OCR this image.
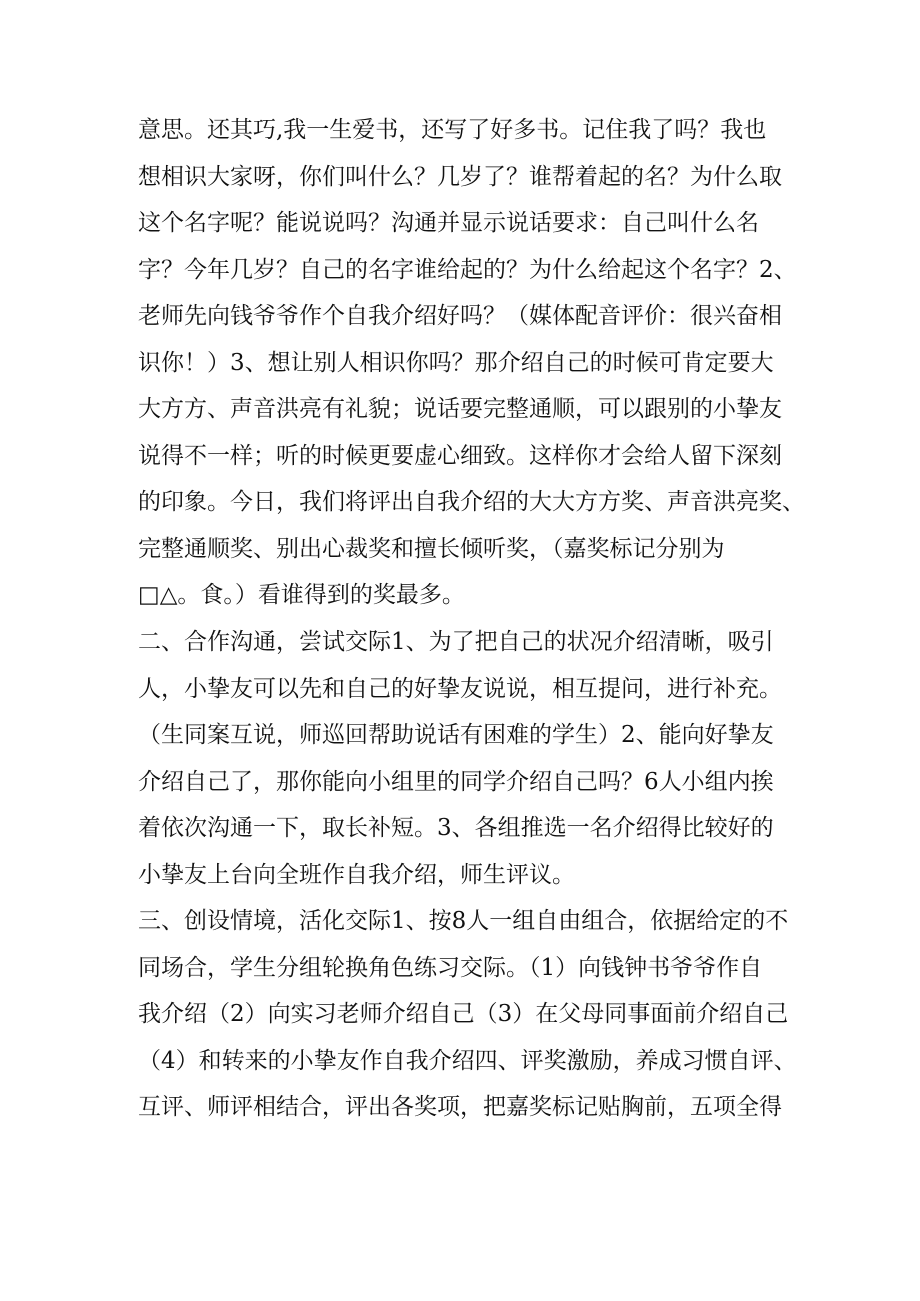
意思。还其巧,我一生爱书，还写了好多书。记住我了吗？我也
想相识大家呀，你们叫什么？几岁了？谁帮着起的名？为什么取
这个名字呢？能说说吗？沟通并显示说话要求：自己叫什么名
字？今年几岁？自己的名字谁给起的？为什么给起这个名字？2、
老师先向钱爷爷作个自我介绍好吗？（媒体配音评价：很兴奋相
识你！）3、想让别人相识你吗？那介绍自己的时候可肯定要大
大方方、声音洪亮有礼貌；说话要完整通顺，可以跟别的小挚友
说得不一样；听的时候更要虚心细致。这样你才会给人留下深刻
的印象。今日，我们将评出自我介绍的大大方方奖、声音洪亮奖、
完整通顺奖、别出心裁奖和擅长倾听奖，（嘉奖标记分别为
□△。食。）看谁得到的奖最多。
二、合作沟通，尝试交际1、为了把自己的状况介绍清晰，吸引
人，小挚友可以先和自己的好挚友说说，相互提问，进行补充。
（生同案互说，师巡回帮助说话有困难的学生）2、能向好挚友
介绍自己了，那你能向小组里的同学介绍自己吗？6人小组内挨
着依次沟通一下，取长补短。3、各组推选一名介绍得比较好的
小挚友上台向全班作自我介绍，师生评议。
三、创设情境，活化交际1、按8人一组自由组合，依据给定的不
同场合，学生分组轮换角色练习交际。（1）向钱钟书爷爷作自
我介绍（2）向实习老师介绍自己（3）在父母同事面前介绍自己
（4）和转来的小挚友作自我介绍四、评奖激励，养成习惯自评、
互评、师评相结合，评出各奖项，把嘉奖标记贴胸前，五项全得
